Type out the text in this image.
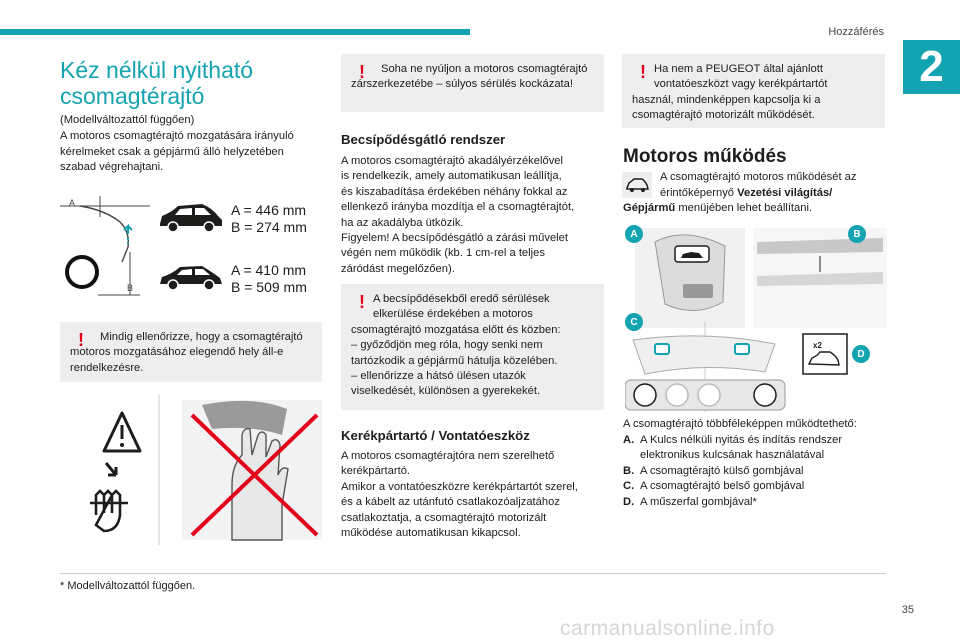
Hozzáférés
2
Kéz nélkül nyitható csomagtérajtó
(Modellváltozattól függően)
A motoros csomagtérajtó mozgatására irányuló
kérelmeket csak a gépjármű álló helyzetében
szabad végrehajtani.
A
B
A = 446 mm
B = 274 mm
A = 410 mm
B = 509 mm
!	Mindig ellenőrizze, hogy a csomagtérajtó motoros mozgatásához elegendő hely áll-e rendelkezésre.
!	Soha ne nyúljon a motoros csomagtérajtó zárszerkezetébe – súlyos sérülés kockázata!
Becsípődésgátló rendszer
A motoros csomagtérajtó akadályérzékelővel
is rendelkezik, amely automatikusan leállítja,
és kiszabadítása érdekében néhány fokkal az
ellenkező irányba mozdítja el a csomagtérajtót,
ha az akadályba ütközik.
Figyelem! A becsípődésgátló a zárási művelet
végén nem működik (kb. 1 cm-rel a teljes
záródást megelőzően).
! A becsípődésekből eredő sérülések
elkerülése érdekében a motoros
csomagtérajtó mozgatása előtt és közben:
– győződjön meg róla, hogy senki nem
tartózkodik a gépjármű hátulja közelében.
– ellenőrizze a hátsó ülésen utazók
viselkedését, különösen a gyerekekét.
Kerékpártartó / Vontatóeszköz
A motoros csomagtérajtóra nem szerelhető
kerékpártartó.
Amikor a vontatóeszközre kerékpártartót szerel,
és a kábelt az utánfutó csatlakozóaljzatához
csatlakoztatja, a csomagtérajtó motorizált
működése automatikusan kikapcsol.
! Ha nem a PEUGEOT által ajánlott
vontatóeszközt vagy kerékpártartót
használ, mindenképpen kapcsolja ki a
csomagtérajtó motorizált működését.
Motoros működés
A csomagtérajtó motoros működését az
érintőképernyő Vezetési világítás/
Gépjármű menüjében lehet beállítani.
x2
A	B
C
D
A csomagtérajtó többféleképpen működtethető:
A. A Kulcs nélküli nyitás és indítás rendszer
elektronikus kulcsának használatával
B. A csomagtérajtó külső gombjával
C. A csomagtérajtó belső gombjával
D. A műszerfal gombjával*
* Modellváltozattól függően.
35
carmanualsonline.info
